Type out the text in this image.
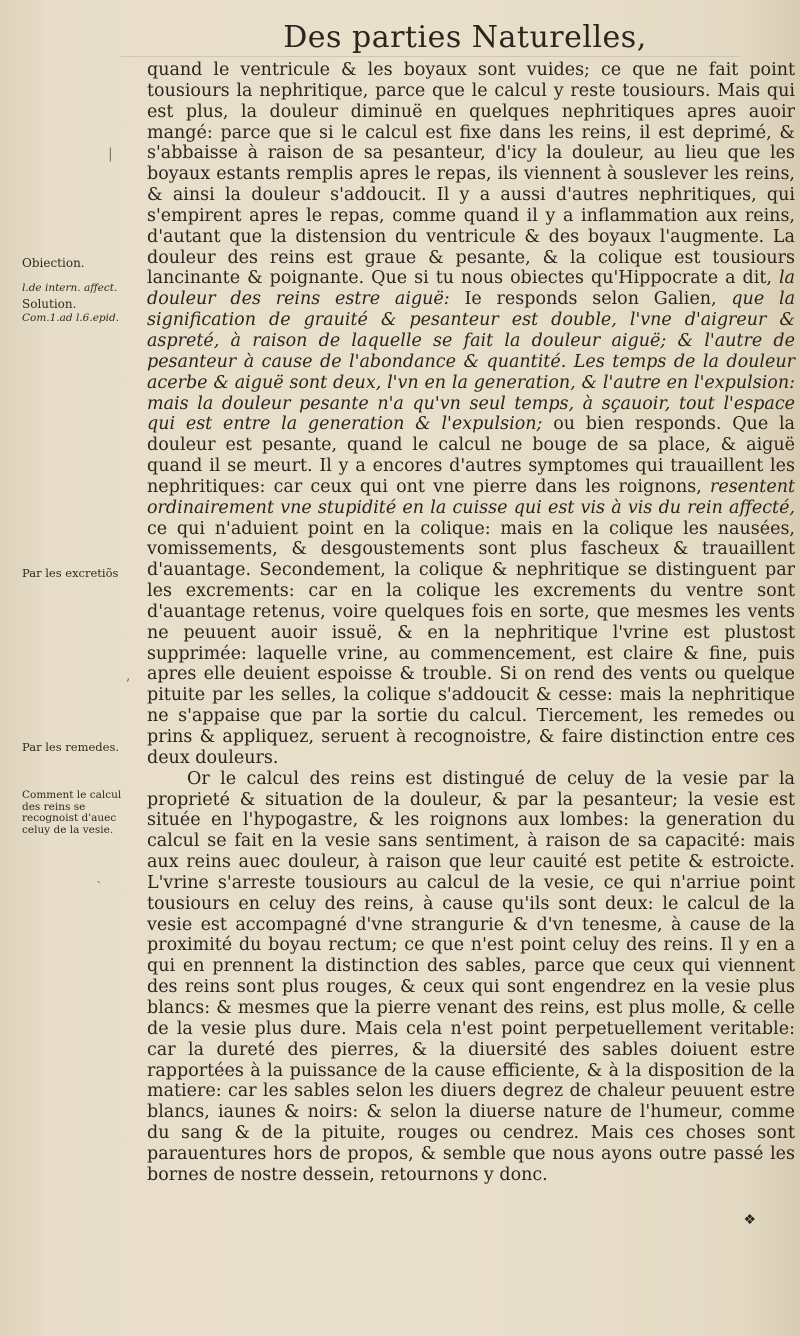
Des parties Naturelles,
Obiection.
l.de intern. affect.
Solution.
Com.1.ad l.6.epid.
Par les excretiõs
Par les remedes.
Comment le calcul des reins se recognoist d'auec celuy de la vesie.
|
,
`

quand le ventricule & les boyaux sont vuides; ce que ne fait point tousiours la nephritique, parce que le calcul y reste tousiours. Mais qui est plus, la douleur diminuë en quelques nephritiques apres auoir mangé: parce que si le calcul est fixe dans les reins, il est deprimé, & s'abbaisse à raison de sa pesanteur, d'icy la douleur, au lieu que les boyaux estants remplis apres le repas, ils viennent à souslever les reins, & ainsi la douleur s'addoucit. Il y a aussi d'autres nephritiques, qui s'empirent apres le repas, comme quand il y a inflammation aux reins, d'autant que la distension du ventricule & des boyaux l'augmente. La douleur des reins est graue & pesante, & la colique est tousiours lancinante & poignante. Que si tu nous obiectes qu'Hippocrate a dit, la douleur des reins estre aiguë: Ie responds selon Galien, que la signification de grauité & pesanteur est double, l'vne d'aigreur & aspreté, à raison de laquelle se fait la douleur aiguë; & l'autre de pesanteur à cause de l'abondance & quantité. Les temps de la douleur acerbe & aiguë sont deux, l'vn en la generation, & l'autre en l'expulsion: mais la douleur pesante n'a qu'vn seul temps, à sçauoir, tout l'espace qui est entre la generation & l'expulsion; ou bien responds. Que la douleur est pesante, quand le calcul ne bouge de sa place, & aiguë quand il se meurt. Il y a encores d'autres symptomes qui trauaillent les nephritiques: car ceux qui ont vne pierre dans les roignons, resentent ordinairement vne stupidité en la cuisse qui est vis à vis du rein affecté, ce qui n'aduient point en la colique: mais en la colique les nausées, vomissements, & desgoustements sont plus fascheux & trauaillent d'auantage. Secondement, la colique & nephritique se distinguent par les excrements: car en la colique les excrements du ventre sont d'auantage retenus, voire quelques fois en sorte, que mesmes les vents ne peuuent auoir issuë, & en la nephritique l'vrine est plustost supprimée: laquelle vrine, au commencement, est claire & fine, puis apres elle deuient espoisse & trouble. Si on rend des vents ou quelque pituite par les selles, la colique s'addoucit & cesse: mais la nephritique ne s'appaise que par la sortie du calcul. Tiercement, les remedes ou prins & appliquez, seruent à recognoistre, & faire distinction entre ces deux douleurs.

Or le calcul des reins est distingué de celuy de la vesie par la proprieté & situation de la douleur, & par la pesanteur; la vesie est située en l'hypogastre, & les roignons aux lombes: la generation du calcul se fait en la vesie sans sentiment, à raison de sa capacité: mais aux reins auec douleur, à raison que leur cauité est petite & estroicte. L'vrine s'arreste tousiours au calcul de la vesie, ce qui n'arriue point tousiours en celuy des reins, à cause qu'ils sont deux: le calcul de la vesie est accompagné d'vne strangurie & d'vn tenesme, à cause de la proximité du boyau rectum; ce que n'est point celuy des reins. Il y en a qui en prennent la distinction des sables, parce que ceux qui viennent des reins sont plus rouges, & ceux qui sont engendrez en la vesie plus blancs: & mesmes que la pierre venant des reins, est plus molle, & celle de la vesie plus dure. Mais cela n'est point perpetuellement veritable: car la dureté des pierres, & la diuersité des sables doiuent estre rapportées à la puissance de la cause efficiente, & à la disposition de la matiere: car les sables selon les diuers degrez de chaleur peuuent estre blancs, iaunes & noirs: & selon la diuerse nature de l'humeur, comme du sang & de la pituite, rouges ou cendrez. Mais ces choses sont parauentures hors de propos, & semble que nous ayons outre passé les bornes de nostre dessein, retournons y donc.

❖
